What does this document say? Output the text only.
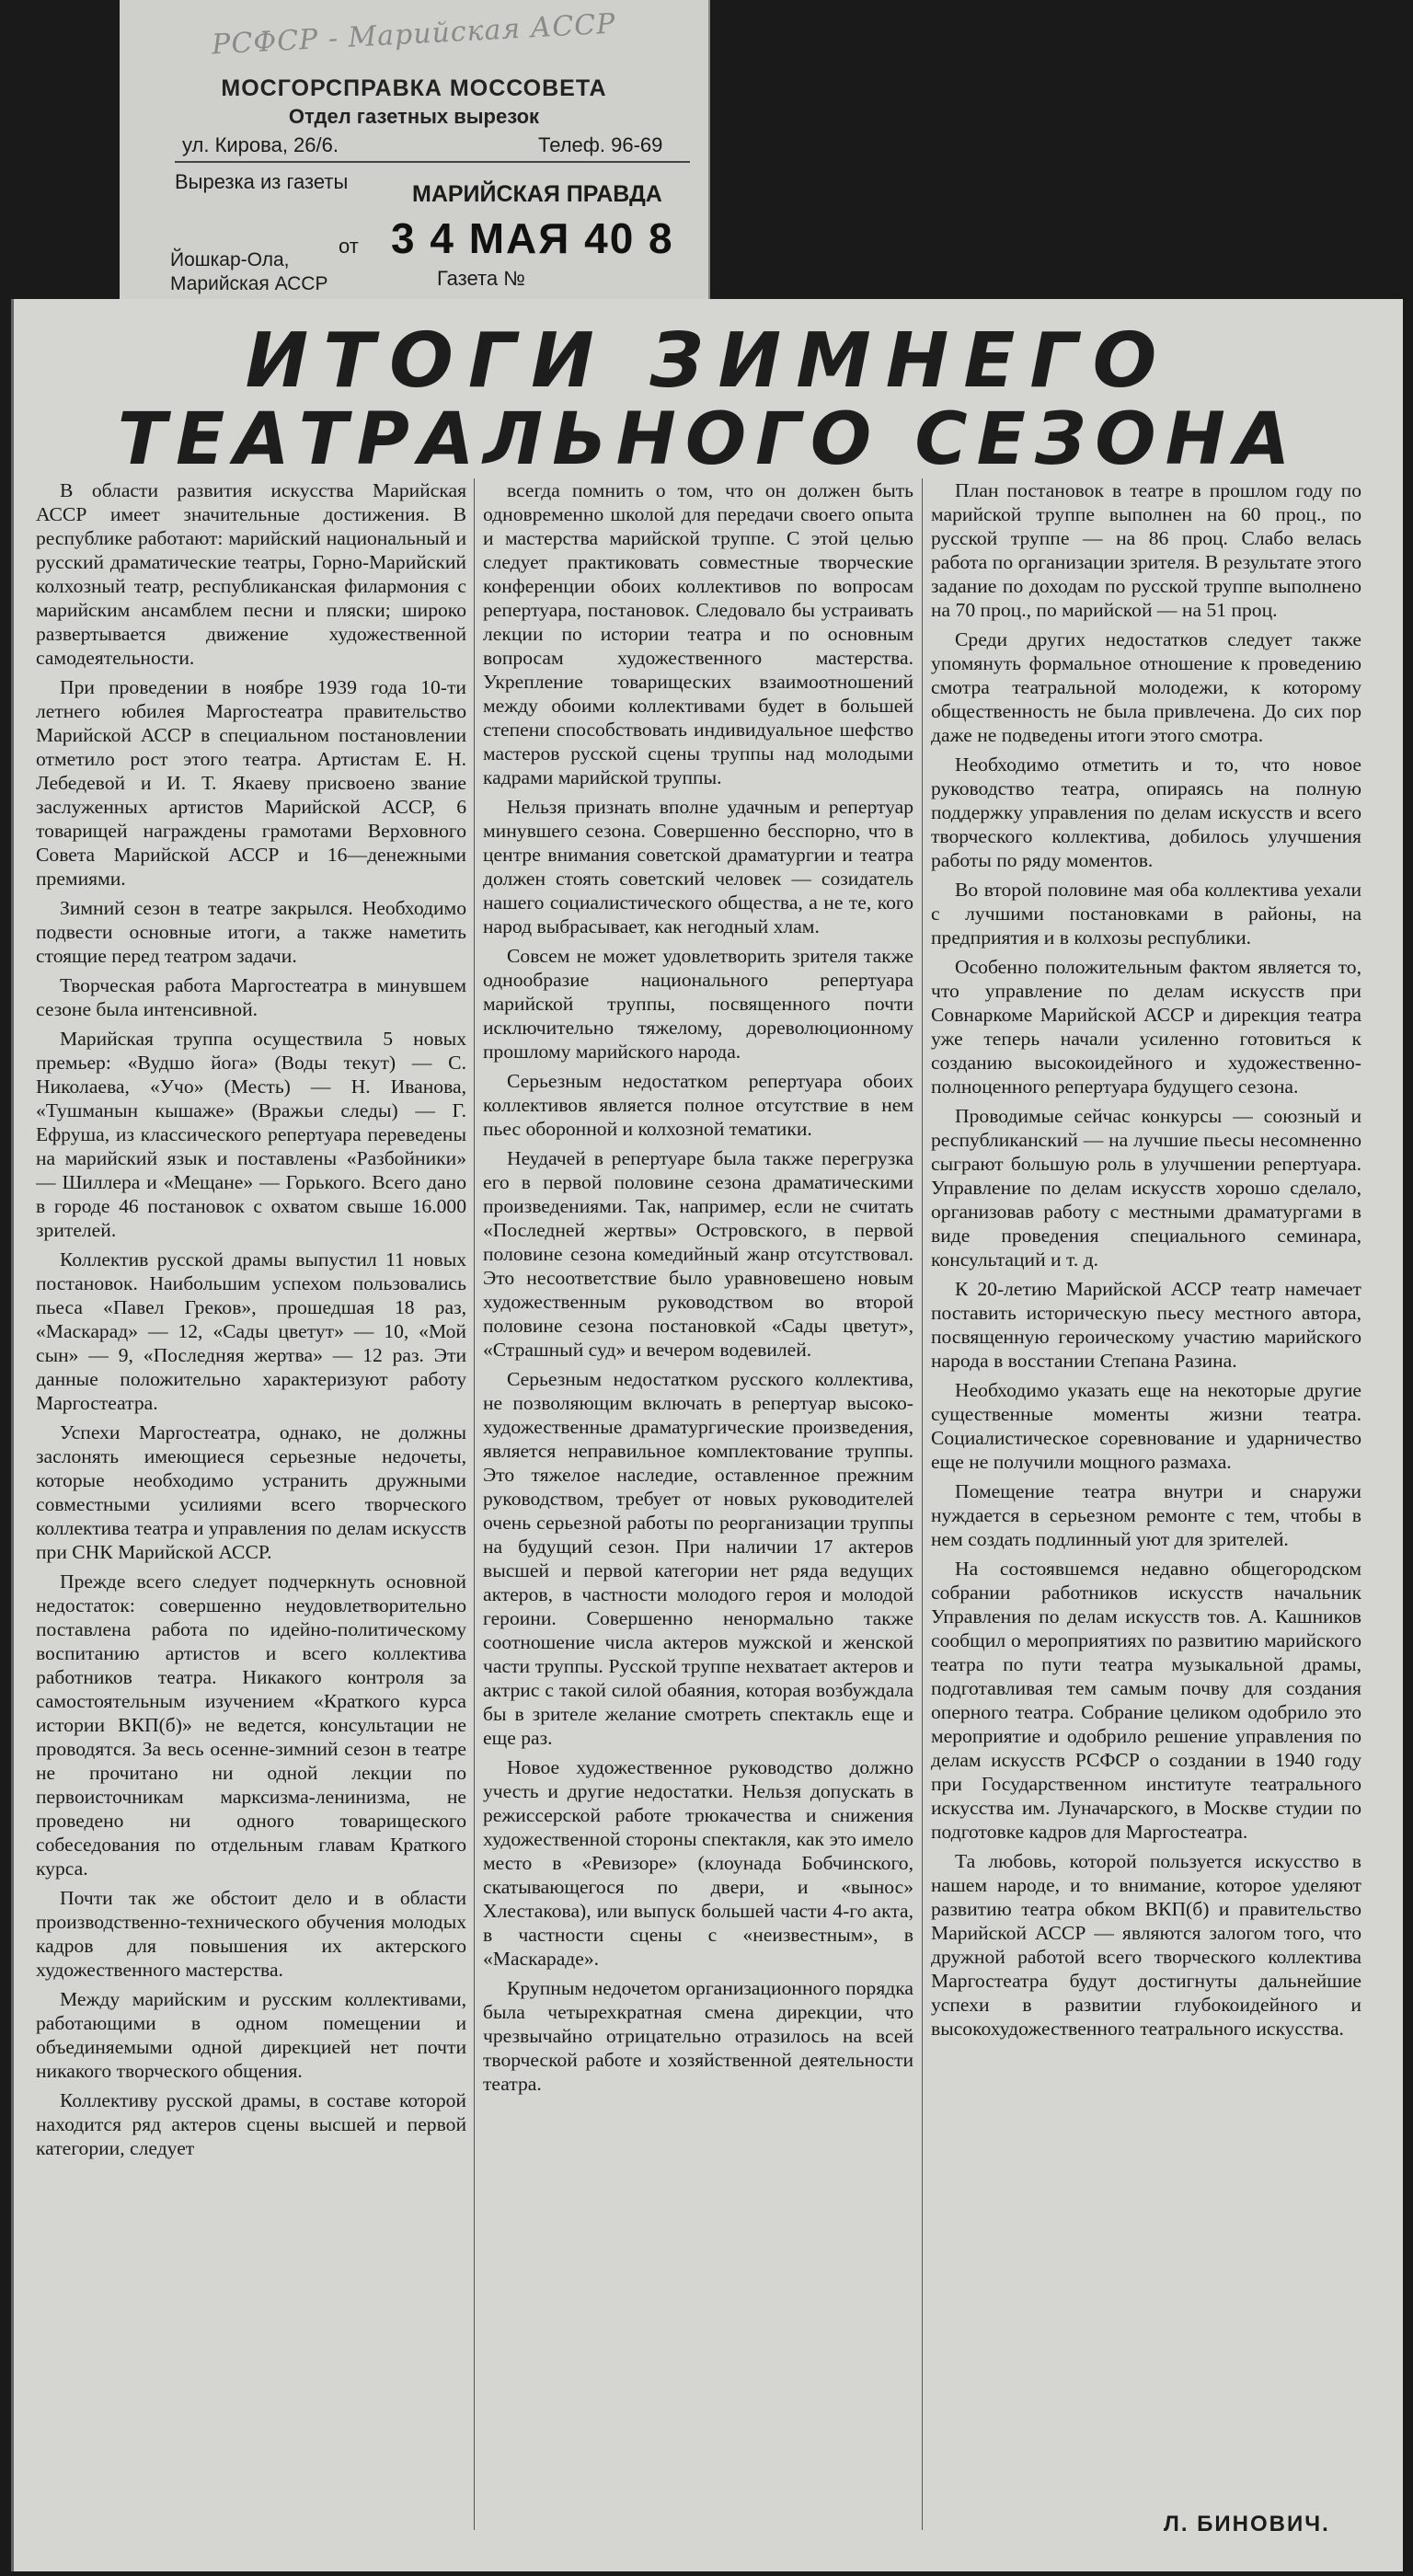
РСФСР - Марийская АССР
МОСГОРСПРАВКА МОССОВЕТА
Отдел газетных вырезок
ул. Кирова, 26/6.	Телеф. 96-69
Вырезка из газеты	МАРИЙСКАЯ ПРАВДА
от 3 4 МАЯ 40 8
Йошкар-Ола,
Марийская АССР	Газета №
ИТОГИ ЗИМНЕГО
ТЕАТРАЛЬНОГО СЕЗОНА

В области развития искусства Марийская АССР имеет значительные достижения. В республике работают: марийский национальный и русский драматические театры, Горно-Марийский колхозный театр, республиканская филармония с марийским ансамблем песни и пляски; широко развертывается движение художественной самодеятельности.

При проведении в ноябре 1939 года 10-ти летнего юбилея Маргостеатра правительство Марийской АССР в специальном постановлении отметило рост этого театра. Артистам Е. Н. Лебедевой и И. Т. Якаеву присвоено звание заслуженных артистов Марийской АССР, 6 товарищей награждены грамотами Верховного Совета Марийской АССР и 16—денежными премиями.

Зимний сезон в театре закрылся. Необходимо подвести основные итоги, а также наметить стоящие перед театром задачи.

Творческая работа Маргостеатра в минувшем сезоне была интенсивной.

Марийская труппа осуществила 5 новых премьер: «Вудшо йога» (Воды текут) — С. Николаева, «Учо» (Месть) — Н. Иванова, «Тушманын кышаже» (Вражьи следы) — Г. Ефруша, из классического репертуара переведены на марийский язык и поставлены «Разбойники» — Шиллера и «Мещане» — Горького. Всего дано в городе 46 постановок с охватом свыше 16.000 зрителей.

Коллектив русской драмы выпустил 11 новых постановок. Наибольшим успехом пользовались пьеса «Павел Греков», прошедшая 18 раз, «Маскарад» — 12, «Сады цветут» — 10, «Мой сын» — 9, «Последняя жертва» — 12 раз. Эти данные положительно характеризуют работу Маргостеатра.

Успехи Маргостеатра, однако, не должны заслонять имеющиеся серьезные недочеты, которые необходимо устранить дружными совместными усилиями всего творческого коллектива театра и управления по делам искусств при СНК Марийской АССР.

Прежде всего следует подчеркнуть основной недостаток: совершенно неудовлетворительно поставлена работа по идейно-политическому воспитанию артистов и всего коллектива работников театра. Никакого контроля за самостоятельным изучением «Краткого курса истории ВКП(б)» не ведется, консультации не проводятся. За весь осенне-зимний сезон в театре не прочитано ни одной лекции по первоисточникам марксизма-ленинизма, не проведено ни одного товарищеского собеседования по отдельным главам Краткого курса.

Почти так же обстоит дело и в области производственно-технического обучения молодых кадров для повышения их актерского художественного мастерства.

Между марийским и русским коллективами, работающими в одном помещении и объединяемыми одной дирекцией нет почти никакого творческого общения.

Коллективу русской драмы, в составе которой находится ряд актеров сцены высшей и первой категории, следует

всегда помнить о том, что он должен быть одновременно школой для передачи своего опыта и мастерства марийской труппе. С этой целью следует практиковать совместные творческие конференции обоих коллективов по вопросам репертуара, постановок. Следовало бы устраивать лекции по истории театра и по основным вопросам художественного мастерства. Укрепление товарищеских взаимоотношений между обоими коллективами будет в большей степени способствовать индивидуальное шефство мастеров русской сцены труппы над молодыми кадрами марийской труппы.

Нельзя признать вполне удачным и репертуар минувшего сезона. Совершенно бесспорно, что в центре внимания советской драматургии и театра должен стоять советский человек — созидатель нашего социалистического общества, а не те, кого народ выбрасывает, как негодный хлам.

Совсем не может удовлетворить зрителя также однообразие национального репертуара марийской труппы, посвященного почти исключительно тяжелому, дореволюционному прошлому марийского народа.

Серьезным недостатком репертуара обоих коллективов является полное отсутствие в нем пьес оборонной и колхозной тематики.

Неудачей в репертуаре была также перегрузка его в первой половине сезона драматическими произведениями. Так, например, если не считать «Последней жертвы» Островского, в первой половине сезона комедийный жанр отсутствовал. Это несоответствие было уравновешено новым художественным руководством во второй половине сезона постановкой «Сады цветут», «Страшный суд» и вечером водевилей.

Серьезным недостатком русского коллектива, не позволяющим включать в репертуар высоко-художественные драматургические произведения, является неправильное комплектование труппы. Это тяжелое наследие, оставленное прежним руководством, требует от новых руководителей очень серьезной работы по реорганизации труппы на будущий сезон. При наличии 17 актеров высшей и первой категории нет ряда ведущих актеров, в частности молодого героя и молодой героини. Совершенно ненормально также соотношение числа актеров мужской и женской части труппы. Русской труппе нехватает актеров и актрис с такой силой обаяния, которая возбуждала бы в зрителе желание смотреть спектакль еще и еще раз.

Новое художественное руководство должно учесть и другие недостатки. Нельзя допускать в режиссерской работе трюкачества и снижения художественной стороны спектакля, как это имело место в «Ревизоре» (клоунада Бобчинского, скатывающегося по двери, и «вынос» Хлестакова), или выпуск большей части 4-го акта, в частности сцены с «неизвестным», в «Маскараде».

Крупным недочетом организационного порядка была четырехкратная смена дирекции, что чрезвычайно отрицательно отразилось на всей творческой работе и хозяйственной деятельности театра.

План постановок в театре в прошлом году по марийской труппе выполнен на 60 проц., по русской труппе — на 86 проц. Слабо велась работа по организации зрителя. В результате этого задание по доходам по русской труппе выполнено на 70 проц., по марийской — на 51 проц.

Среди других недостатков следует также упомянуть формальное отношение к проведению смотра театральной молодежи, к которому общественность не была привлечена. До сих пор даже не подведены итоги этого смотра.

Необходимо отметить и то, что новое руководство театра, опираясь на полную поддержку управления по делам искусств и всего творческого коллектива, добилось улучшения работы по ряду моментов.

Во второй половине мая оба коллектива уехали с лучшими постановками в районы, на предприятия и в колхозы республики.

Особенно положительным фактом является то, что управление по делам искусств при Совнаркоме Марийской АССР и дирекция театра уже теперь начали усиленно готовиться к созданию высокоидейного и художественно-полноценного репертуара будущего сезона.

Проводимые сейчас конкурсы — союзный и республиканский — на лучшие пьесы несомненно сыграют большую роль в улучшении репертуара. Управление по делам искусств хорошо сделало, организовав работу с местными драматургами в виде проведения специального семинара, консультаций и т. д.

К 20-летию Марийской АССР театр намечает поставить историческую пьесу местного автора, посвященную героическому участию марийского народа в восстании Степана Разина.

Необходимо указать еще на некоторые другие существенные моменты жизни театра. Социалистическое соревнование и ударничество еще не получили мощного размаха.

Помещение театра внутри и снаружи нуждается в серьезном ремонте с тем, чтобы в нем создать подлинный уют для зрителей.

На состоявшемся недавно общегородском собрании работников искусств начальник Управления по делам искусств тов. А. Кашников сообщил о мероприятиях по развитию марийского театра по пути театра музыкальной драмы, подготавливая тем самым почву для создания оперного театра. Собрание целиком одобрило это мероприятие и одобрило решение управления по делам искусств РСФСР о создании в 1940 году при Государственном институте театрального искусства им. Луначарского, в Москве студии по подготовке кадров для Маргостеатра.

Та любовь, которой пользуется искусство в нашем народе, и то внимание, которое уделяют развитию театра обком ВКП(б) и правительство Марийской АССР — являются залогом того, что дружной работой всего творческого коллектива Маргостеатра будут достигнуты дальнейшие успехи в развитии глубокоидейного и высокохудожественного театрального искусства.

Л. БИНОВИЧ.
